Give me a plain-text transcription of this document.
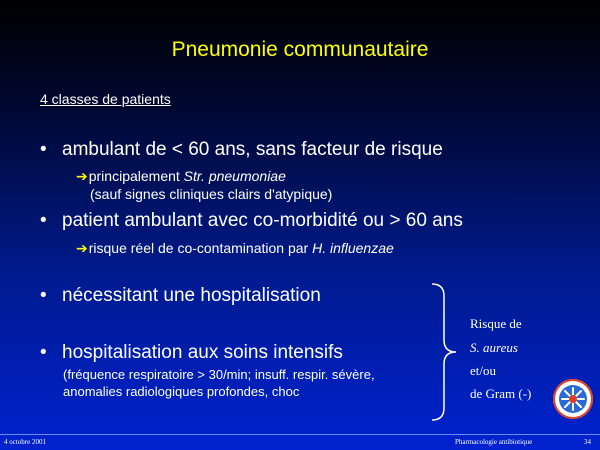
Pneumonie communautaire
4 classes de patients
• ambulant de < 60 ans, sans facteur de risque
➔principalement Str. pneumoniae
(sauf signes cliniques clairs d'atypique)
• patient ambulant avec co-morbidité ou > 60 ans
➔risque réel de co-contamination par H. influenzae
• nécessitant une hospitalisation
• hospitalisation aux soins intensifs
(fréquence respiratoire > 30/min; insuff. respir. sévère,
anomalies radiologiques profondes, choc
Risque de
S. aureus
et/ou
de Gram (-)
4 octobre 2001	Pharmacologie antibiotique	34
